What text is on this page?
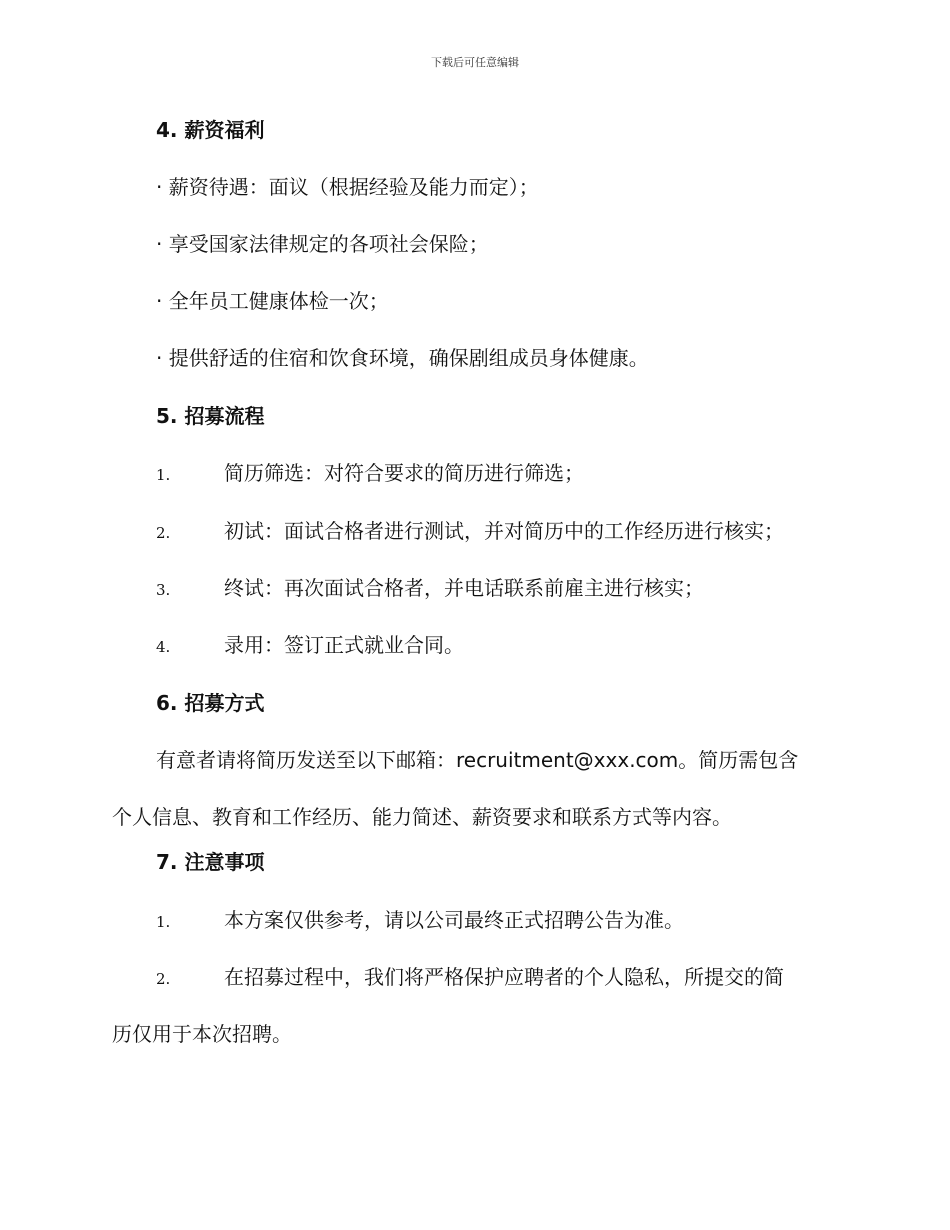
下载后可任意编辑
4. 薪资福利
· 薪资待遇：面议（根据经验及能力而定）；
· 享受国家法律规定的各项社会保险；
· 全年员工健康体检一次；
· 提供舒适的住宿和饮食环境，确保剧组成员身体健康。
5. 招募流程
1.	简历筛选：对符合要求的简历进行筛选；
2.	初试：面试合格者进行测试，并对简历中的工作经历进行核实；
3.	终试：再次面试合格者，并电话联系前雇主进行核实；
4.	录用：签订正式就业合同。
6. 招募方式
有意者请将简历发送至以下邮箱：recruitment@xxx.com。简历需包含
个人信息、教育和工作经历、能力简述、薪资要求和联系方式等内容。
7. 注意事项
1.	本方案仅供参考，请以公司最终正式招聘公告为准。
2.	在招募过程中，我们将严格保护应聘者的个人隐私，所提交的简
历仅用于本次招聘。
